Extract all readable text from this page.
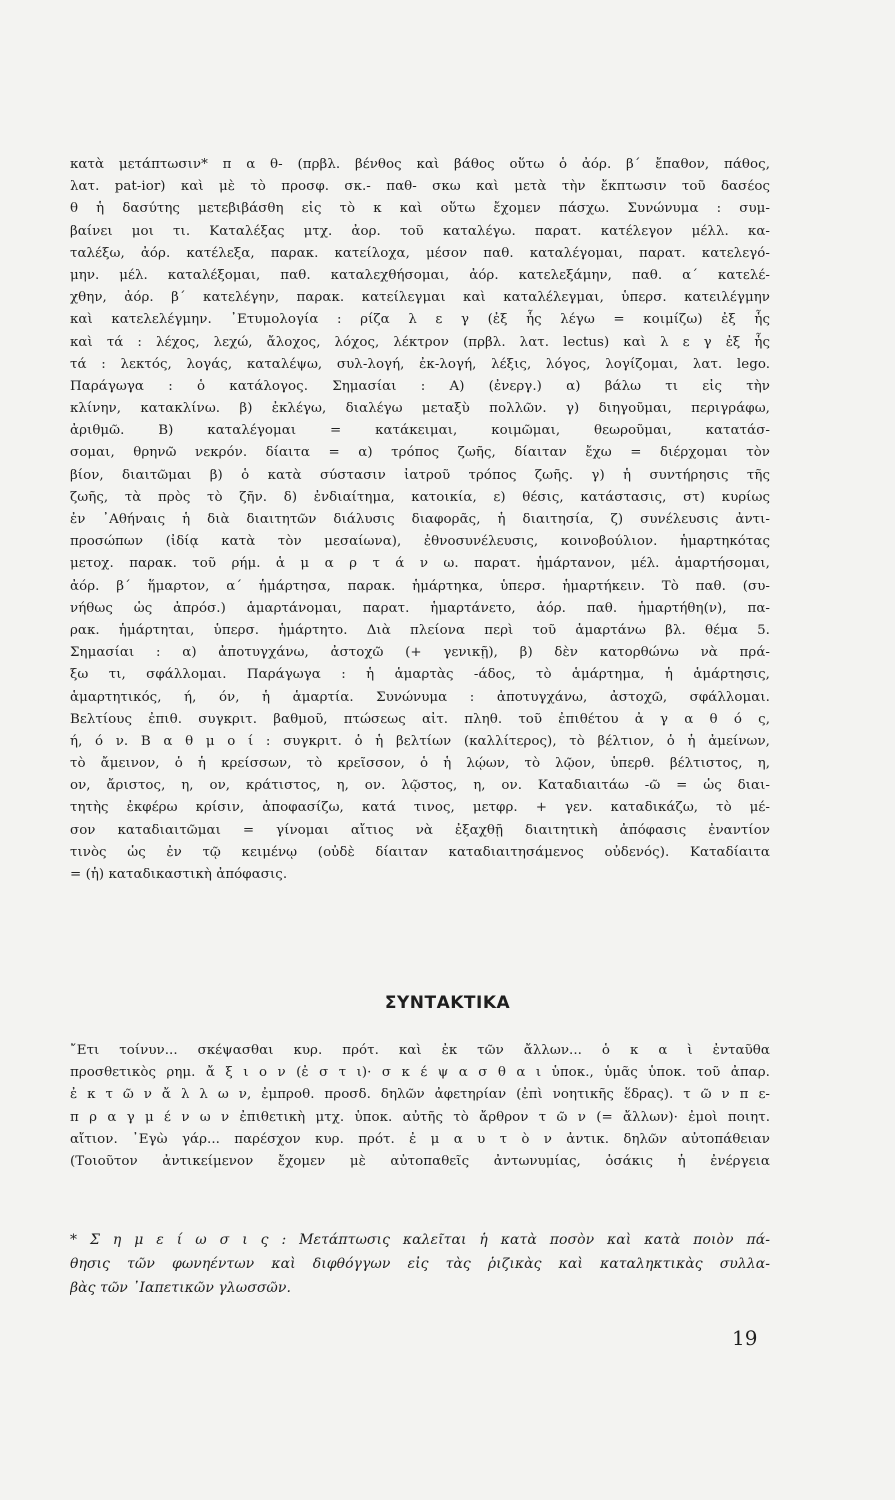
κατὰ μετάπτωσιν* π α θ- (πρβλ. βένθος καὶ βάθος οὕτω ὁ ἀόρ. β΄ ἔπαθον, πάθος,
λατ. pat-ior) καὶ μὲ τὸ προσφ. σκ.- παθ- σκω καὶ μετὰ τὴν ἔκπτωσιν τοῦ δασέος
θ ἡ δασύτης μετεβιβάσθη εἰς τὸ κ καὶ οὕτω ἔχομεν πάσχω. Συνώνυμα : συμ-
βαίνει μοι τι. Καταλέξας μτχ. ἀορ. τοῦ καταλέγω. παρατ. κατέλεγον μέλλ. κα-
ταλέξω, ἀόρ. κατέλεξα, παρακ. κατείλοχα, μέσον παθ. καταλέγομαι, παρατ. κατελεγό-
μην. μέλ. καταλέξομαι, παθ. καταλεχθήσομαι, ἀόρ. κατελεξάμην, παθ. α΄ κατελέ-
χθην, ἀόρ. β΄ κατελέγην, παρακ. κατείλεγμαι καὶ καταλέλεγμαι, ὑπερσ. κατειλέγμην
καὶ κατελελέγμην. ᾿Ετυμολογία : ρίζα λ ε γ (ἐξ ἧς λέγω = κοιμίζω) ἐξ ἧς
καὶ τά : λέχος, λεχώ, ἄλοχος, λόχος, λέκτρον (πρβλ. λατ. lectus) καὶ λ ε γ ἐξ ἧς
τά : λεκτός, λογάς, καταλέψω, συλ-λογή, ἐκ-λογή, λέξις, λόγος, λογίζομαι, λατ. lego.
Παράγωγα : ὁ κατάλογος. Σημασίαι : Α) (ἐνεργ.) α) βάλω τι εἰς τὴν
κλίνην, κατακλίνω. β) ἐκλέγω, διαλέγω μεταξὺ πολλῶν. γ) διηγοῦμαι, περιγράφω,
ἀριθμῶ. Β) καταλέγομαι = κατάκειμαι, κοιμῶμαι, θεωροῦμαι, κατατάσ-
σομαι, θρηνῶ νεκρόν. δίαιτα = α) τρόπος ζωῆς, δίαιταν ἔχω = διέρχομαι τὸν
βίον, διαιτῶμαι β) ὁ κατὰ σύστασιν ἰατροῦ τρόπος ζωῆς. γ) ἡ συντήρησις τῆς
ζωῆς, τὰ πρὸς τὸ ζῆν. δ) ἐνδιαίτημα, κατοικία, ε) θέσις, κατάστασις, στ) κυρίως
ἐν ᾿Αθήναις ἡ διὰ διαιτητῶν διάλυσις διαφορᾶς, ἡ διαιτησία, ζ) συνέλευσις ἀντι-
προσώπων (ἰδίᾳ κατὰ τὸν μεσαίωνα), ἐθνοσυνέλευσις, κοινοβούλιον. ἡμαρτηκότας
μετοχ. παρακ. τοῦ ρήμ. ἁ μ α ρ τ ά ν ω. παρατ. ἡμάρτανον, μέλ. ἁμαρτήσομαι,
ἀόρ. β΄ ἥμαρτον, α΄ ἡμάρτησα, παρακ. ἡμάρτηκα, ὑπερσ. ἡμαρτήκειν. Τὸ παθ. (συ-
νήθως ὡς ἀπρόσ.) ἁμαρτάνομαι, παρατ. ἡμαρτάνετο, ἀόρ. παθ. ἡμαρτήθη(ν), πα-
ρακ. ἡμάρτηται, ὑπερσ. ἡμάρτητο. Διὰ πλείονα περὶ τοῦ ἁμαρτάνω βλ. θέμα 5.
Σημασίαι : α) ἀποτυγχάνω, ἀστοχῶ (+ γενικῇ), β) δὲν κατορθώνω νὰ πρά-
ξω τι, σφάλλομαι. Παράγωγα : ἡ ἁμαρτὰς -άδος, τὸ ἁμάρτημα, ἡ ἁμάρτησις,
ἁμαρτητικός, ή, όν, ἡ ἁμαρτία. Συνώνυμα : ἀποτυγχάνω, ἀστοχῶ, σφάλλομαι.
Βελτίους ἐπιθ. συγκριτ. βαθμοῦ, πτώσεως αἰτ. πληθ. τοῦ ἐπιθέτου ἀ γ α θ ό ς,
ή, ό ν. Β α θ μ ο ί : συγκριτ. ὁ ἡ βελτίων (καλλίτερος), τὸ βέλτιον, ὁ ἡ ἀμείνων,
τὸ ἄμεινον, ὁ ἡ κρείσσων, τὸ κρεῖσσον, ὁ ἡ λῴων, τὸ λῷον, ὑπερθ. βέλτιστος, η,
ον, ἄριστος, η, ον, κράτιστος, η, ον. λῷστος, η, ον. Καταδιαιτάω -ῶ = ὡς διαι-
τητὴς ἐκφέρω κρίσιν, ἀποφασίζω, κατά τινος, μετφρ. + γεν. καταδικάζω, τὸ μέ-
σον καταδιαιτῶμαι = γίνομαι αἴτιος νὰ ἐξαχθῇ διαιτητικὴ ἀπόφασις ἐναντίον
τινὸς ὡς ἐν τῷ κειμένῳ (οὐδὲ δίαιταν καταδιαιτησάμενος οὐδενός). Καταδίαιτα
= (ἡ) καταδικαστικὴ ἀπόφασις.
ΣΥΝΤΑΚΤΙΚΑ
῎Ετι τοίνυν... σκέψασθαι κυρ. πρότ. καὶ ἐκ τῶν ἄλλων... ὁ κ α ὶ ἐνταῦθα
προσθετικὸς ρημ. ἄ ξ ι ο ν (ἐ σ τ ι)· σ κ έ ψ α σ θ α ι ὑποκ., ὑμᾶς ὑποκ. τοῦ ἀπαρ.
ἐ κ τ ῶ ν ἄ λ λ ω ν, ἐμπροθ. προσδ. δηλῶν ἀφετηρίαν (ἐπὶ νοητικῆς ἕδρας). τ ῶ ν π ε-
π ρ α γ μ έ ν ω ν ἐπιθετικὴ μτχ. ὑποκ. αὐτῆς τὸ ἄρθρον τ ῶ ν (= ἄλλων)· ἐμοὶ ποιητ.
αἴτιον. ᾿Εγὼ γάρ... παρέσχον κυρ. πρότ. ἐ μ α υ τ ὸ ν ἀντικ. δηλῶν αὐτοπάθειαν
(Τοιοῦτον ἀντικείμενον ἔχομεν μὲ αὐτοπαθεῖς ἀντωνυμίας, ὁσάκις ἡ ἐνέργεια
* Σ η μ ε ί ω σ ι ς : Μετάπτωσις καλεῖται ἡ κατὰ ποσὸν καὶ κατὰ ποιὸν πά-
θησις τῶν φωνηέντων καὶ διφθόγγων εἰς τὰς ῥιζικὰς καὶ καταληκτικὰς συλλα-
βὰς τῶν ᾿Ιαπετικῶν γλωσσῶν.
19
